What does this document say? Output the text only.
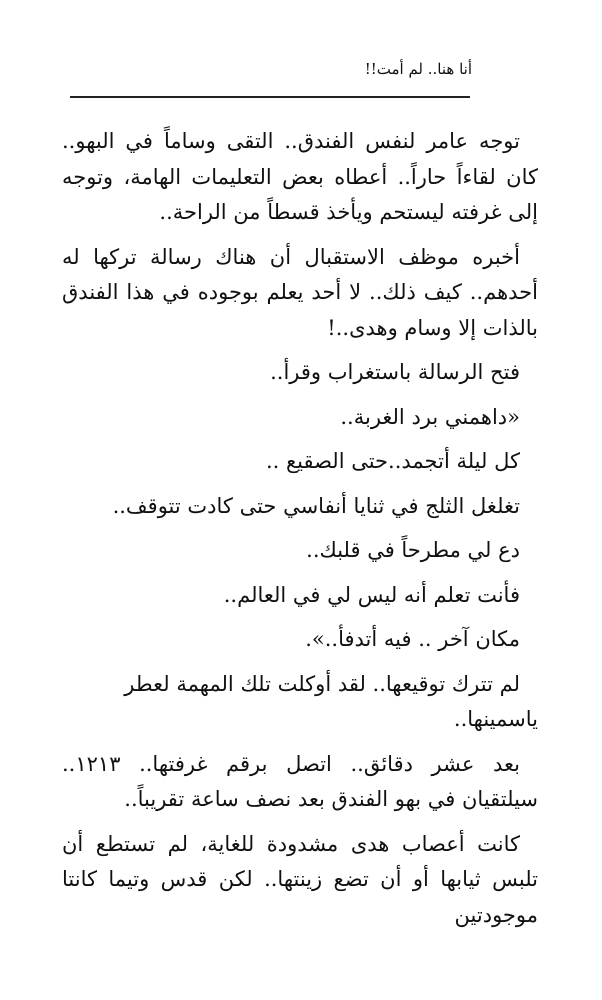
أنا هنا.. لم أمت!!

توجه عامر لنفس الفندق.. التقى وساماً في البهو.. كان لقاءاً حاراً.. أعطاه بعض التعليمات الهامة، وتوجه إلى غرفته ليستحم ويأخذ قسطاً من الراحة..

أخبره موظف الاستقبال أن هناك رسالة تركها له أحدهم.. كيف ذلك.. لا أحد يعلم بوجوده في هذا الفندق بالذات إلا وسام وهدى..!

فتح الرسالة باستغراب وقرأ..

«داهمني برد الغربة..

كل ليلة أتجمد..حتى الصقيع ..

تغلغل الثلج في ثنايا أنفاسي حتى كادت تتوقف..

دع لي مطرحاً في قلبك..

فأنت تعلم أنه ليس لي في العالم..

مكان آخر .. فيه أتدفأ..».

لم تترك توقيعها.. لقد أوكلت تلك المهمة لعطر ياسمينها..

بعد عشر دقائق.. اتصل برقم غرفتها.. ١٢١٣.. سيلتقيان في بهو الفندق بعد نصف ساعة تقريباً..

كانت أعصاب هدى مشدودة للغاية، لم تستطع أن تلبس ثيابها أو أن تضع زينتها.. لكن قدس وتيما كانتا موجودتين
